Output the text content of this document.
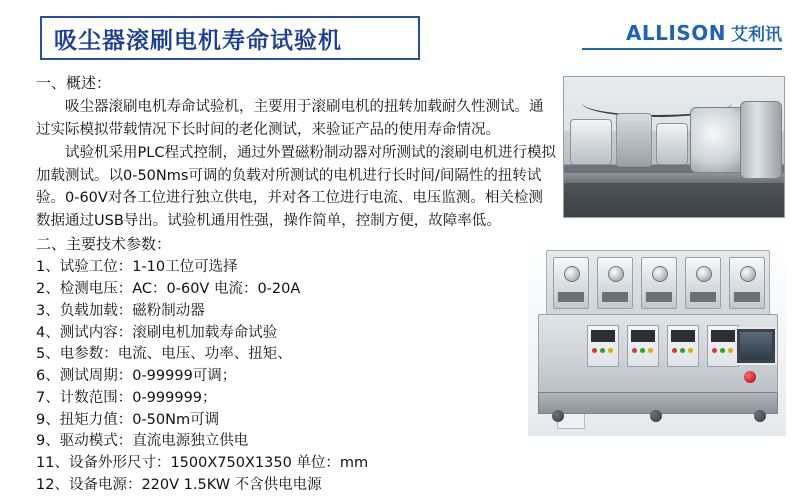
吸尘器滚刷电机寿命试验机	ALLISON 艾利讯

一、概述：

吸尘器滚刷电机寿命试验机，主要用于滚刷电机的扭转加载耐久性测试。通过实际模拟带载情况下长时间的老化测试，来验证产品的使用寿命情况。

试验机采用PLC程式控制，通过外置磁粉制动器对所测试的滚刷电机进行模拟加载测试。以0-50Nms可调的负载对所测试的电机进行长时间/间隔性的扭转试验。0-60V对各工位进行独立供电，并对各工位进行电流、电压监测。相关检测数据通过USB导出。试验机通用性强，操作简单，控制方便，故障率低。

二、主要技术参数：

1、试验工位：1-10工位可选择
2、检测电压：AC：0-60V 电流：0-20A
3、负载加载：磁粉制动器
4、测试内容：滚刷电机加载寿命试验
5、电参数：电流、电压、功率、扭矩、
6、测试周期：0-99999可调；
7、计数范围：0-999999；
9、扭矩力值：0-50Nm可调
9、驱动模式：直流电源独立供电
11、设备外形尺寸：1500X750X1350 单位：mm
12、设备电源：220V 1.5KW 不含供电电源
